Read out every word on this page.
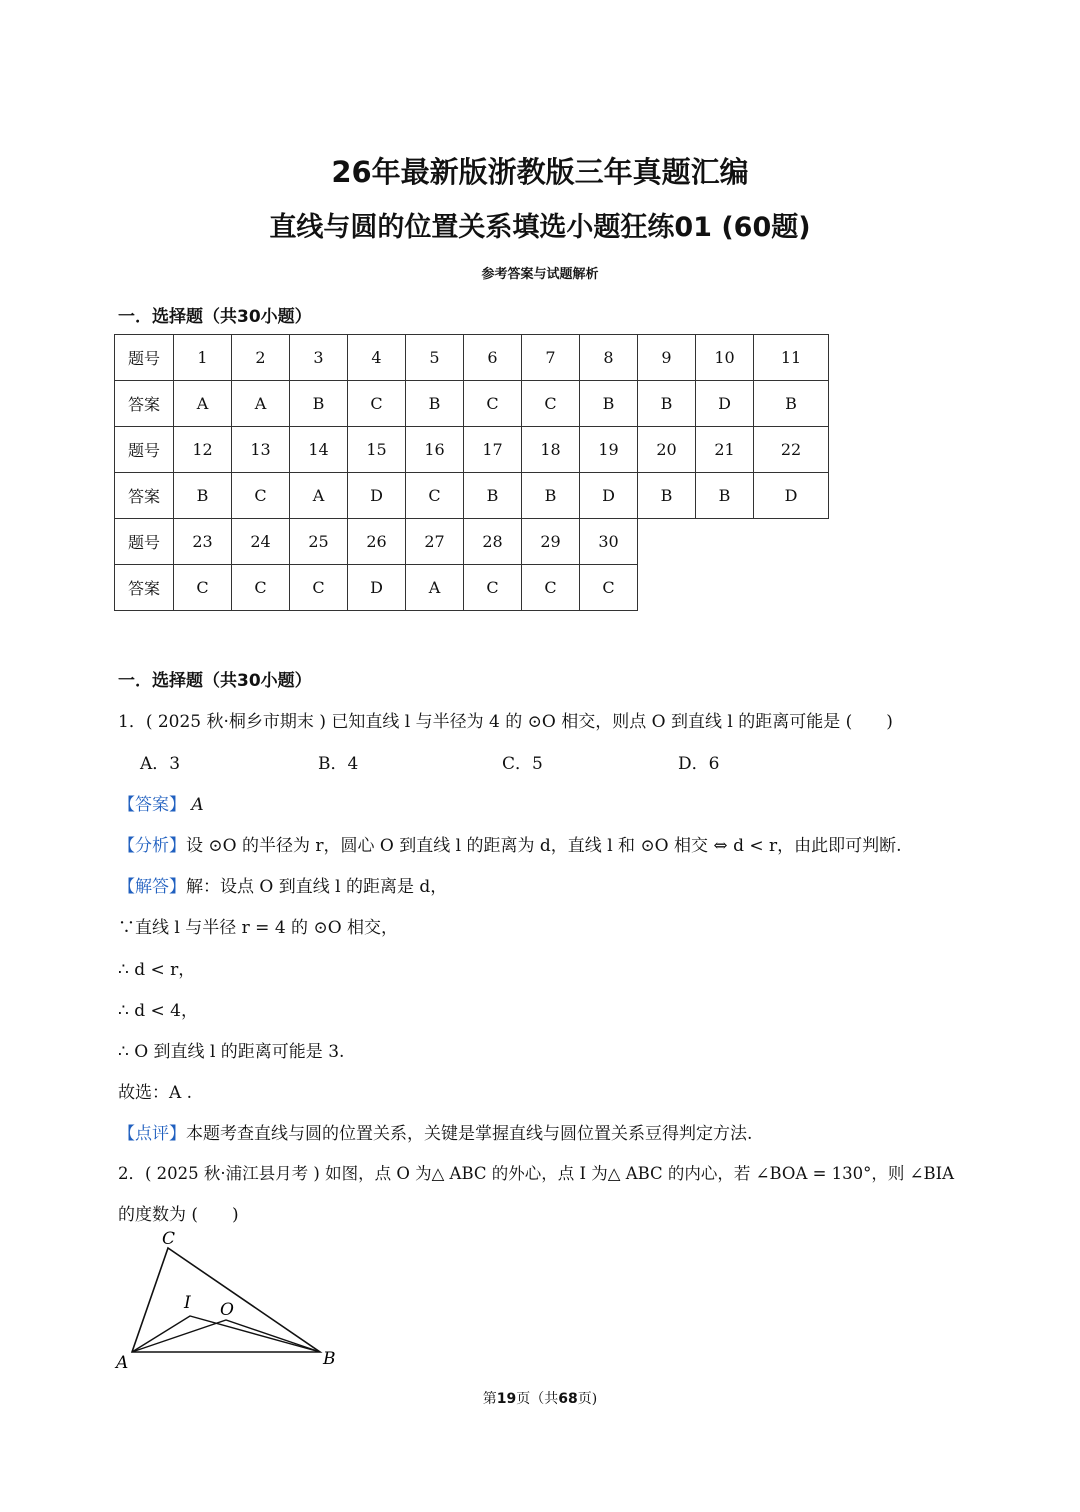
26年最新版浙教版三年真题汇编
直线与圆的位置关系填选小题狂练01 (60题)
参考答案与试题解析
一．选择题（共30小题）
题号	1	2	3	4	5	6	7	8	9	10	11
答案	A	A	B	C	B	C	C	B	B	D	B
题号	12	13	14	15	16	17	18	19	20	21	22
答案	B	C	A	D	C	B	B	D	B	B	D
题号	23	24	25	26	27	28	29	30			
答案	C	C	C	D	A	C	C	C			
一．选择题（共30小题）
1．( 2025 秋·桐乡市期末 ) 已知直线 l 与半径为 4 的 ⊙O 相交，则点 O 到直线 l 的距离可能是 (　　)
A．3	B．4	C．5	D．6
【答案】 A
【分析】设 ⊙O 的半径为 r，圆心 O 到直线 l 的距离为 d，直线 l 和 ⊙O 相交 ⇔ d < r，由此即可判断.
【解答】解：设点 O 到直线 l 的距离是 d，
∵直线 l 与半径 r = 4 的 ⊙O 相交，
∴ d < r，
∴ d < 4，
∴ O 到直线 l 的距离可能是 3.
故选：A .
【点评】本题考查直线与圆的位置关系，关键是掌握直线与圆位置关系豆得判定方法.
2．( 2025 秋·浦江县月考 ) 如图，点 O 为△ ABC 的外心，点 I 为△ ABC 的内心，若 ∠BOA = 130°，则 ∠BIA
的度数为 (　　)
C
I O
A	B
第19页（共68页)
